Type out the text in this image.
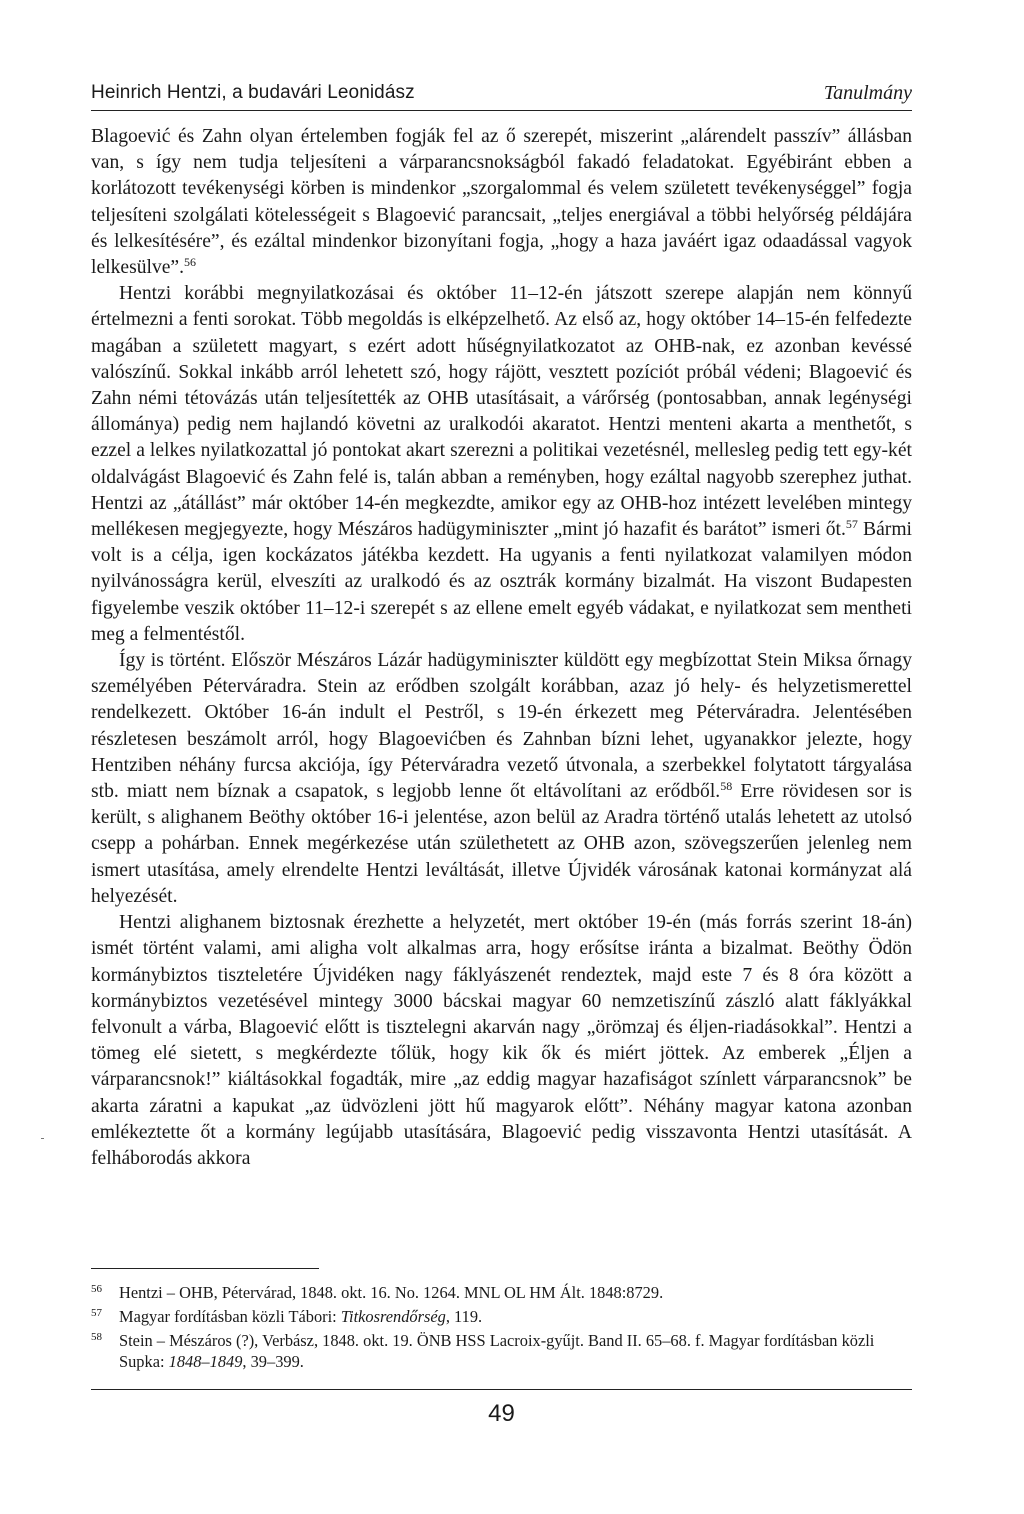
Heinrich Hentzi, a budavári Leonidász	Tanulmány

Blagoević és Zahn olyan értelemben fogják fel az ő szerepét, miszerint „alárendelt passzív” állásban van, s így nem tudja teljesíteni a várparancsnokságból fakadó feladatokat. Egyébiránt ebben a korlátozott tevékenységi körben is mindenkor „szorgalommal és velem született tevékenységgel” fogja teljesíteni szolgálati kötelességeit s Blagoević parancsait, „teljes energiával a többi helyőrség példájára és lelkesítésére”, és ezáltal mindenkor bizonyítani fogja, „hogy a haza javáért igaz odaadással vagyok lelkesülve”.$^{56}$

Hentzi korábbi megnyilatkozásai és október 11–12-én játszott szerepe alapján nem könnyű értelmezni a fenti sorokat. Több megoldás is elképzelhető. Az első az, hogy október 14–15-én felfedezte magában a született magyart, s ezért adott hűségnyilatkozatot az OHB-nak, ez azonban kevéssé valószínű. Sokkal inkább arról lehetett szó, hogy rájött, vesztett pozíciót próbál védeni; Blagoević és Zahn némi tétovázás után teljesítették az OHB utasításait, a várőrség (pontosabban, annak legénységi állománya) pedig nem hajlandó követni az uralkodói akaratot. Hentzi menteni akarta a menthetőt, s ezzel a lelkes nyilatkozattal jó pontokat akart szerezni a politikai vezetésnél, mellesleg pedig tett egy-két oldalvágást Blagoević és Zahn felé is, talán abban a reményben, hogy ezáltal nagyobb szerephez juthat. Hentzi az „átállást” már október 14-én megkezdte, amikor egy az OHB-hoz intézett levelében mintegy mellékesen megjegyezte, hogy Mészáros hadügyminiszter „mint jó hazafit és barátot” ismeri őt.$^{57}$ Bármi volt is a célja, igen kockázatos játékba kezdett. Ha ugyanis a fenti nyilatkozat valamilyen módon nyilvánosságra kerül, elveszíti az uralkodó és az osztrák kormány bizalmát. Ha viszont Budapesten figyelembe veszik október 11–12-i szerepét s az ellene emelt egyéb vádakat, e nyilatkozat sem mentheti meg a felmentéstől.

Így is történt. Először Mészáros Lázár hadügyminiszter küldött egy megbízottat Stein Miksa őrnagy személyében Péterváradra. Stein az erődben szolgált korábban, azaz jó hely- és helyzetismerettel rendelkezett. Október 16-án indult el Pestről, s 19-én érkezett meg Péterváradra. Jelentésében részletesen beszámolt arról, hogy Blagoevićben és Zahnban bízni lehet, ugyanakkor jelezte, hogy Hentziben néhány furcsa akciója, így Péterváradra vezető útvonala, a szerbekkel folytatott tárgyalása stb. miatt nem bíznak a csapatok, s legjobb lenne őt eltávolítani az erődből.$^{58}$ Erre rövidesen sor is került, s alighanem Beöthy október 16-i jelentése, azon belül az Aradra történő utalás lehetett az utolsó csepp a pohárban. Ennek megérkezése után születhetett az OHB azon, szövegszerűen jelenleg nem ismert utasítása, amely elrendelte Hentzi leváltását, illetve Újvidék városának katonai kormányzat alá helyezését.

Hentzi alighanem biztosnak érezhette a helyzetét, mert október 19-én (más forrás szerint 18-án) ismét történt valami, ami aligha volt alkalmas arra, hogy erősítse iránta a bizalmat. Beöthy Ödön kormánybiztos tiszteletére Újvidéken nagy fáklyászenét rendeztek, majd este 7 és 8 óra között a kormánybiztos vezetésével mintegy 3000 bácskai magyar 60 nemzetiszínű zászló alatt fáklyákkal felvonult a várba, Blagoević előtt is tisztelegni akarván nagy „örömzaj és éljen-riadásokkal”. Hentzi a tömeg elé sietett, s megkérdezte tőlük, hogy kik ők és miért jöttek. Az emberek „Éljen a várparancsnok!” kiáltásokkal fogadták, mire „az eddig magyar hazafiságot színlett várparancsnok” be akarta záratni a kapukat „az üdvözleni jött hű magyarok előtt”. Néhány magyar katona azonban emlékeztette őt a kormány legújabb utasítására, Blagoević pedig visszavonta Hentzi utasítását. A felháborodás akkora

$^{56}$	Hentzi – OHB, Pétervárad, 1848. okt. 16. No. 1264. MNL OL HM Ált. 1848:8729.
$^{57}$	Magyar fordításban közli Tábori: Titkosrendőrség, 119.
$^{58}$	Stein – Mészáros (?), Verbász, 1848. okt. 19. ÖNB HSS Lacroix-gyűjt. Band II. 65–68. f. Magyar fordításban közli Supka: 1848–1849, 39–399.
49
